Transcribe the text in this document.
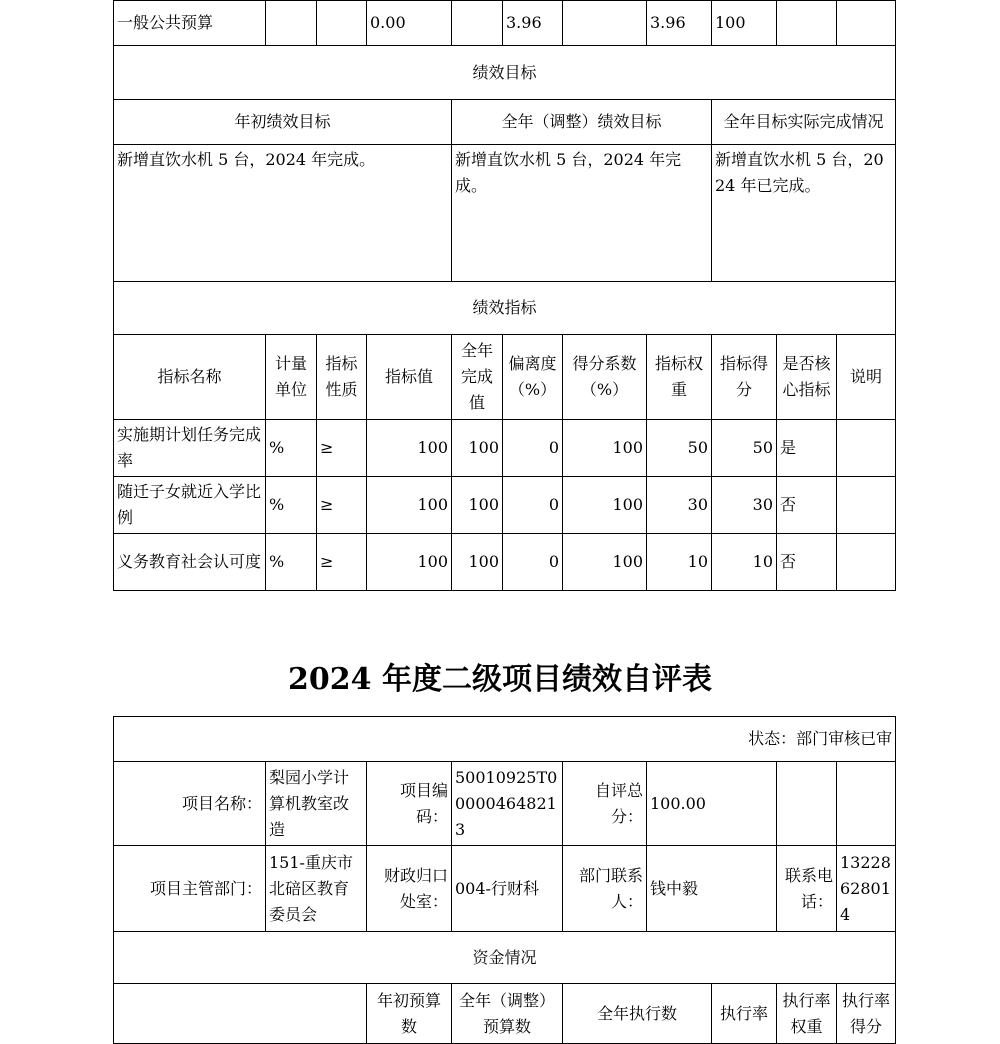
一般公共预算			0.00		3.96		3.96	100		
绩效目标										
年初绩效目标				全年（调整）绩效目标				全年目标实际完成情况		
新增直饮水机 5 台，2024 年完成。				新增直饮水机 5 台，2024 年完成。				新增直饮水机 5 台，2024 年已完成。		
绩效指标										
指标名称	计量单位	指标性质	指标值	全年完成值	偏离度（%）	得分系数（%）	指标权重	指标得分	是否核心指标	说明
实施期计划任务完成率	%	≥	100	100	0	100	50	50	是	
随迁子女就近入学比例	%	≥	100	100	0	100	30	30	否	
义务教育社会认可度	%	≥	100	100	0	100	10	10	否	
2024 年度二级项目绩效自评表
状态：部门审核已审								
项目名称：	梨园小学计算机教室改造	项目编码：	50010925T000004648213	自评总分：	100.00			
项目主管部门：	151-重庆市北碚区教育委员会	财政归口处室：	004-行财科	部门联系人：	钱中毅		联系电话：	13228628014
资金情况								
		年初预算数	全年（调整）预算数	全年执行数		执行率	执行率权重	执行率得分
